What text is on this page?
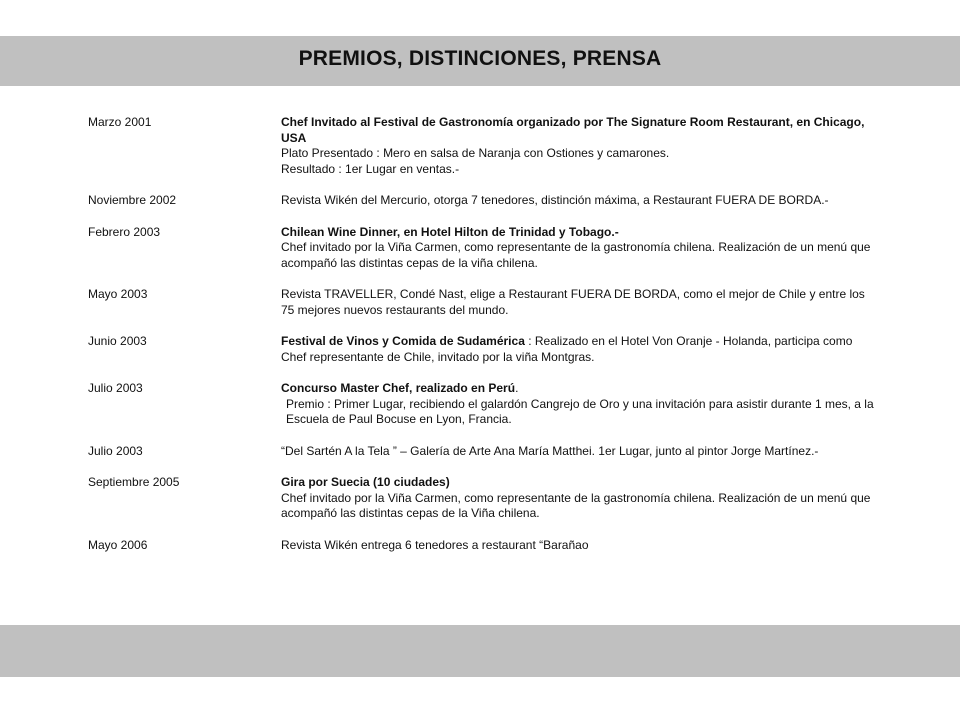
PREMIOS, DISTINCIONES, PRENSA
Marzo 2001	Chef Invitado al Festival de Gastronomía organizado por The Signature Room Restaurant, en Chicago, USA

Plato Presentado : Mero en salsa de Naranja con Ostiones y camarones.

Resultado : 1er Lugar en ventas.-

Noviembre 2002	Revista Wikén del Mercurio, otorga 7 tenedores, distinción máxima, a Restaurant FUERA DE BORDA.-

Febrero 2003	Chilean Wine Dinner, en Hotel Hilton de Trinidad y Tobago.-

Chef invitado por la Viña Carmen, como representante de la gastronomía chilena. Realización de un menú que acompañó las distintas cepas de la viña chilena.

Mayo 2003	Revista TRAVELLER, Condé Nast, elige a Restaurant FUERA DE BORDA, como el mejor de Chile y entre los 75 mejores nuevos restaurants del mundo.

Junio 2003	Festival de Vinos y Comida de Sudamérica : Realizado en el Hotel Von Oranje - Holanda, participa como Chef representante de Chile, invitado por la viña Montgras.

Julio 2003	Concurso Master Chef, realizado en Perú.

Premio : Primer Lugar, recibiendo el galardón Cangrejo de Oro y una invitación para asistir durante 1 mes, a la Escuela de Paul Bocuse en Lyon, Francia.

Julio 2003	“Del Sartén A la Tela ” – Galería de Arte Ana María Matthei. 1er Lugar, junto al pintor Jorge Martínez.-

Septiembre 2005	Gira por Suecia (10 ciudades)

Chef invitado por la Viña Carmen, como representante de la gastronomía chilena. Realización de un menú que acompañó las distintas cepas de la Viña chilena.

Mayo 2006	Revista Wikén entrega 6 tenedores a restaurant “Barañao
